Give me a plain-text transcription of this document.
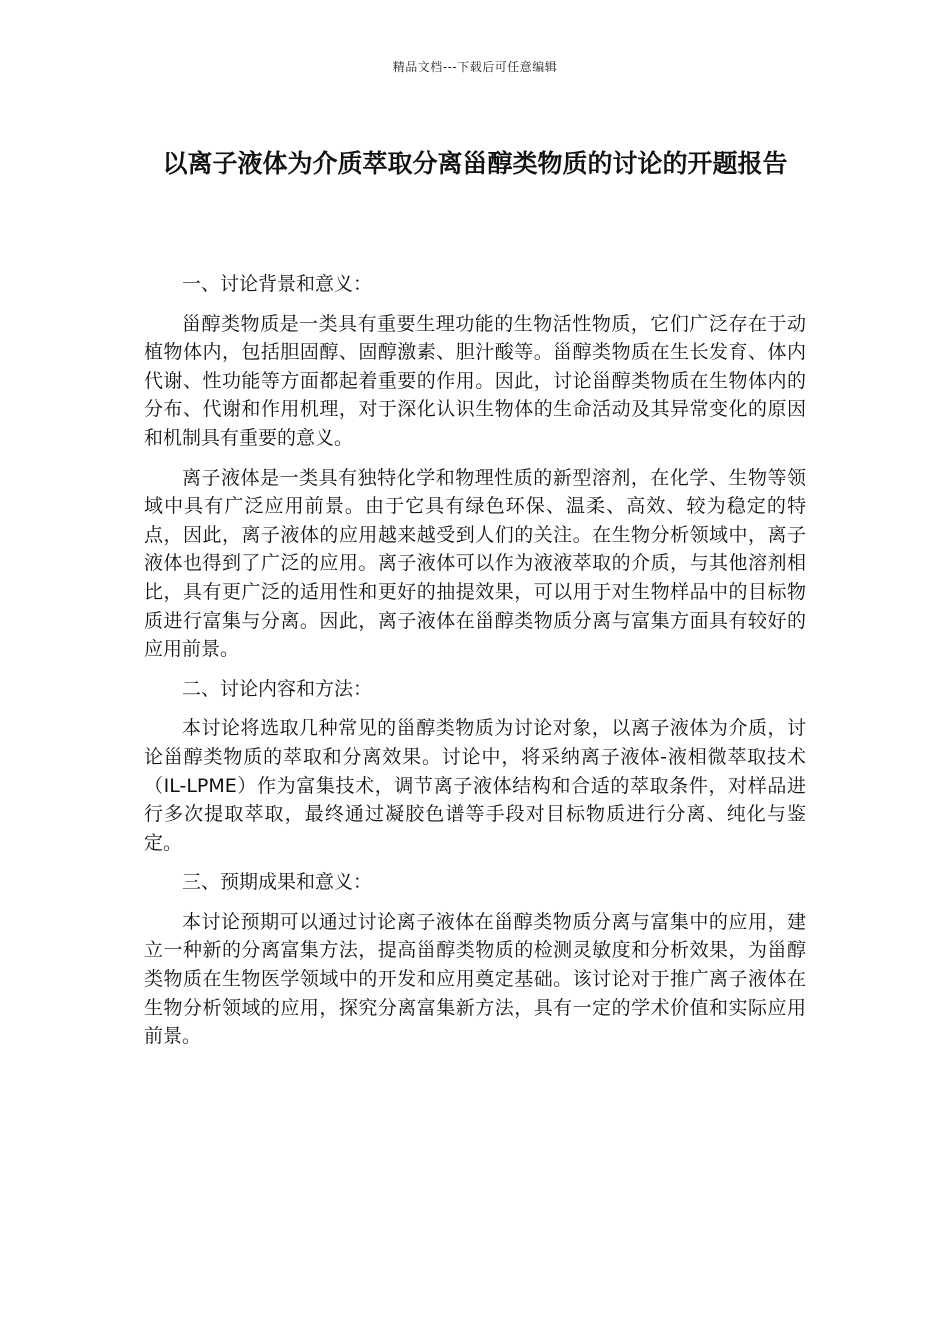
精品文档---下载后可任意编辑
以离子液体为介质萃取分离甾醇类物质的讨论的开题报告

一、讨论背景和意义：

甾醇类物质是一类具有重要生理功能的生物活性物质，它们广泛存在于动植物体内，包括胆固醇、固醇激素、胆汁酸等。甾醇类物质在生长发育、体内代谢、性功能等方面都起着重要的作用。因此，讨论甾醇类物质在生物体内的分布、代谢和作用机理，对于深化认识生物体的生命活动及其异常变化的原因和机制具有重要的意义。

离子液体是一类具有独特化学和物理性质的新型溶剂，在化学、生物等领域中具有广泛应用前景。由于它具有绿色环保、温柔、高效、较为稳定的特点，因此，离子液体的应用越来越受到人们的关注。在生物分析领域中，离子液体也得到了广泛的应用。离子液体可以作为液液萃取的介质，与其他溶剂相比，具有更广泛的适用性和更好的抽提效果，可以用于对生物样品中的目标物质进行富集与分离。因此，离子液体在甾醇类物质分离与富集方面具有较好的应用前景。

二、讨论内容和方法：

本讨论将选取几种常见的甾醇类物质为讨论对象，以离子液体为介质，讨论甾醇类物质的萃取和分离效果。讨论中，将采纳离子液体-液相微萃取技术（IL-LPME）作为富集技术，调节离子液体结构和合适的萃取条件，对样品进行多次提取萃取，最终通过凝胶色谱等手段对目标物质进行分离、纯化与鉴定。

三、预期成果和意义：

本讨论预期可以通过讨论离子液体在甾醇类物质分离与富集中的应用，建立一种新的分离富集方法，提高甾醇类物质的检测灵敏度和分析效果，为甾醇类物质在生物医学领域中的开发和应用奠定基础。该讨论对于推广离子液体在生物分析领域的应用，探究分离富集新方法，具有一定的学术价值和实际应用前景。
